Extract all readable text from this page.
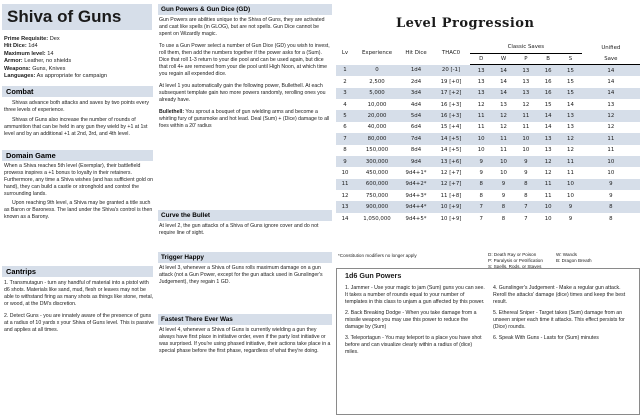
Shiva of Guns
Prime Requisite: Dex
Hit Dice: 1d4
Maximum level: 14
Armor: Leather, no shields
Weapons: Guns, Knives
Languages: As appropriate for campaign
Combat

Shivas advance both attacks and saves by two points every three levels of experience.

Shivas of Guns also increase the number of rounds of ammunition that can be held in any gun they wield by +1 at 1st level and by an additional +1 at 2nd, 3rd, and 4th level.

Domain Game

When a Shiva reaches 5th level (Exemplar), their battlefield prowess inspires a +1 bonus to loyalty in their retainers. Furthermore, any time a Shiva wishes (and has sufficient gold on hand), they can build a castle or stronghold and control the surrounding lands.

Upon reaching 9th level, a Shiva may be granted a title such as Baron or Baroness. The land under the Shiva's control is then known as a Barony.

Cantrips

1. Transmutagun - turn any handful of material into a pistol with d6 shots. Materials like sand, mud, flesh or leaves may not be able to withstand firing as many shots as things like stone, metal, or wood, at the DM's discretion.

2. Detect Guns - you are innately aware of the presence of guns at a radius of 10 yards x your Shiva of Guns level. This is passive and applies at all times.

Gun Powers & Gun Dice (GD)

Gun Powers are abilities unique to the Shiva of Guns, they are activated and cast like spells (in GLOG), but are not spells. Gun Dice cannot be spent on Wizardly magic.

To use a Gun Power select a number of Gun Dice (GD) you wish to invest, roll them, then add the numbers together if the power asks for a (Sum). Dice that roll 1-3 return to your die pool and can be used again, but dice that roll 4+ are removed from your die pool until High Noon, at which time you regain all expended dice.

At level 1 you automatically gain the following power, Bullethell. At each subsequent template gain two more powers randomly, rerolling ones you already have.

Bullethell: You sprout a bouquet of gun wielding arms and become a whirling fury of gunsmoke and hot lead. Deal (Sum) + (Dice) damage to all foes within a 20' radius

Curve the Bullet

At level 2, the gun attacks of a Shiva of Guns ignore cover and do not require line of sight.

Trigger Happy

At level 3, whenever a Shiva of Guns rolls maximum damage on a gun attack (not a Gun Power, except for the gun attack used in Gunslinger's Judgement), they regain 1 GD.

Fastest There Ever Was

At level 4, whenever a Shiva of Guns is currently wielding a gun they always have first place in initiative order, even if the party lost initiative or was surprised. If you're using phased initiative, their actions take place in a special phase before the first phase, regardless of what they're doing.

Level Progression
Lv	Experience	Hit Dice	THAC0	Classic Saves					Unified
				D	W	P	B	S	Save
1	0	1d4	20 [-1]	13	14	13	16	15	14
2	2,500	2d4	19 [+0]	13	14	13	16	15	14
3	5,000	3d4	17 [+2]	13	14	13	16	15	14
4	10,000	4d4	16 [+3]	12	13	12	15	14	13
5	20,000	5d4	16 [+3]	11	12	11	14	13	12
6	40,000	6d4	15 [+4]	11	12	11	14	13	12
7	80,000	7d4	14 [+5]	10	11	10	13	12	11
8	150,000	8d4	14 [+5]	10	11	10	13	12	11
9	300,000	9d4	13 [+6]	9	10	9	12	11	10
10	450,000	9d4+1*	12 [+7]	9	10	9	12	11	10
11	600,000	9d4+2*	12 [+7]	8	9	8	11	10	9
12	750,000	9d4+3*	11 [+8]	8	9	8	11	10	9
13	900,000	9d4+4*	10 [+9]	7	8	7	10	9	8
14	1,050,000	9d4+5*	10 [+9]	7	8	7	10	9	8
*Constitution modifiers no longer apply	D: Death Ray or Poison	W: Wands
P: Paralysis or Petrification	B: Dragon Breath
S: Spells, Rods, or Staves
1d6 Gun Powers

1. Jammer - Use your magic to jam (Sum) guns you can see. It takes a number of rounds equal to your number of templates in this class to unjam a gun affected by this power.

2. Back Breaking Dodge - When you take damage from a missile weapon you may use this power to reduce the damage by (Sum)

3. Teleportagun - You may teleport to a place you have shot before and can visualize clearly within a radius of (dice) miles.

4. Gunslinger's Judgement - Make a regular gun attack. Reroll the attacks' damage (dice) times and keep the best result.

5. Ethereal Sniper - Target takes (Sum) damage from an unseen sniper each time it attacks. This effect persists for (Dice) rounds.

6. Speak With Guns - Lasts for (Sum) minutes
